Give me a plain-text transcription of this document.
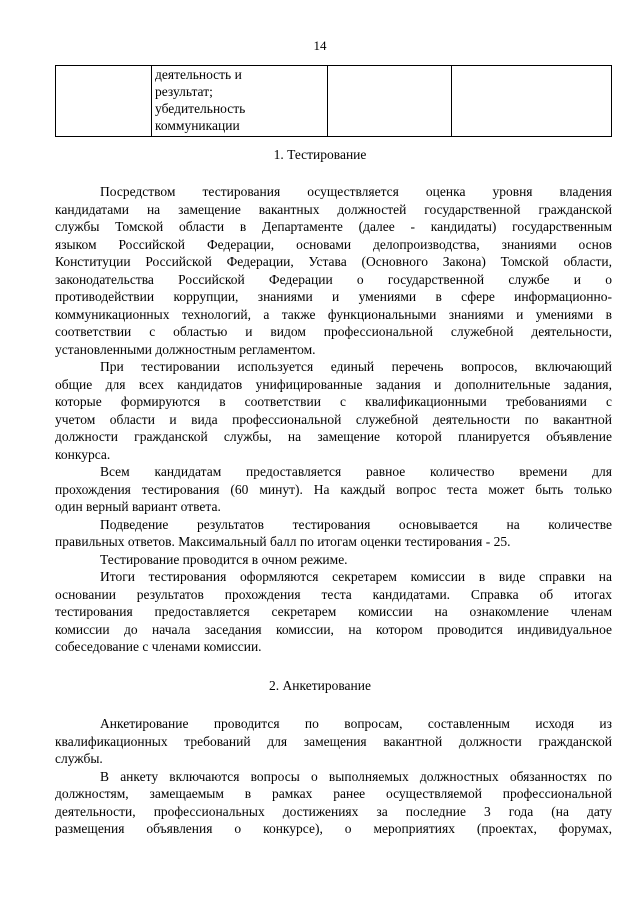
14

деятельность и
результат;
убедительность
коммуникации

1. Тестирование
Посредством тестирования осуществляется оценка уровня владения
кандидатами на замещение вакантных должностей государственной гражданской
службы Томской области в Департаменте (далее - кандидаты) государственным
языком Российской Федерации, основами делопроизводства, знаниями основ
Конституции Российской Федерации, Устава (Основного Закона) Томской области,
законодательства Российской Федерации о государственной службе и о
противодействии коррупции, знаниями и умениями в сфере информационно-
коммуникационных технологий, а также функциональными знаниями и умениями в
соответствии с областью и видом профессиональной служебной деятельности,
установленными должностным регламентом.
При тестировании используется единый перечень вопросов, включающий
общие для всех кандидатов унифицированные задания и дополнительные задания,
которые формируются в соответствии с квалификационными требованиями с
учетом области и вида профессиональной служебной деятельности по вакантной
должности гражданской службы, на замещение которой планируется объявление
конкурса.
Всем кандидатам предоставляется равное количество времени для
прохождения тестирования (60 минут). На каждый вопрос теста может быть только
один верный вариант ответа.
Подведение результатов тестирования основывается на количестве
правильных ответов. Максимальный балл по итогам оценки тестирования - 25.
Тестирование проводится в очном режиме.
Итоги тестирования оформляются секретарем комиссии в виде справки на
основании результатов прохождения теста кандидатами. Справка об итогах
тестирования предоставляется секретарем комиссии на ознакомление членам
комиссии до начала заседания комиссии, на котором проводится индивидуальное
собеседование с членами комиссии.
2. Анкетирование
Анкетирование проводится по вопросам, составленным исходя из
квалификационных требований для замещения вакантной должности гражданской
службы.
В анкету включаются вопросы о выполняемых должностных обязанностях по
должностям, замещаемым в рамках ранее осуществляемой профессиональной
деятельности, профессиональных достижениях за последние 3 года (на дату
размещения объявления о конкурсе), о мероприятиях (проектах, форумах,
